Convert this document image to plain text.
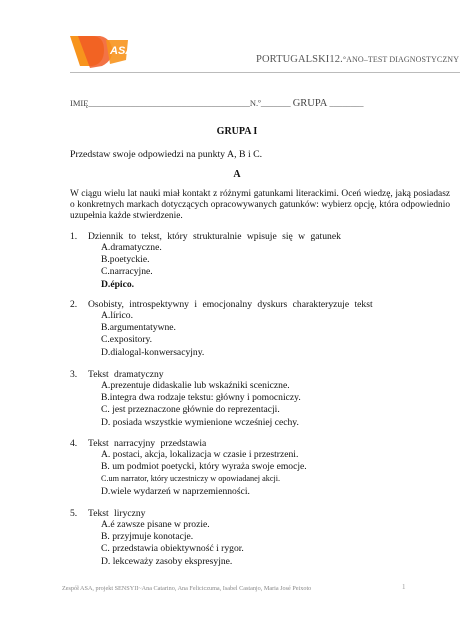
ASA
PORTUGALSKI12.°ANO–TEST DIAGNOSTYCZNY
IMIĘ______________________________________N.º_______ GRUPA ________
GRUPA I
Przedstaw swoje odpowiedzi na punkty A, B i C.
A
W ciągu wielu lat nauki miał kontakt z różnymi gatunkami literackimi. Oceń wiedzę, jaką posiadasz o konkretnych markach dotyczących opracowywanych gatunków: wybierz opcję, która odpowiednio uzupełnia każde stwierdzenie.
1.	Dziennik to tekst, który strukturalnie wpisuje się w gatunek
A.dramatyczne.
B.poetyckie.
C.narracyjne.
D.épico.
2.	Osobisty, introspektywny i emocjonalny dyskurs charakteryzuje tekst
A.lírico.
B.argumentatywne.
C.expository.
D.dialogal-konwersacyjny.
3.	Tekst dramatyczny
A.prezentuje didaskalie lub wskaźniki sceniczne.
B.integra dwa rodzaje tekstu: główny i pomocniczy.
C. jest przeznaczone głównie do reprezentacji.
D. posiada wszystkie wymienione wcześniej cechy.
4.	Tekst narracyjny przedstawia
A. postaci, akcja, lokalizacja w czasie i przestrzeni.
B. um podmiot poetycki, który wyraża swoje emocje.
C.um narrator, który uczestniczy w opowiadanej akcji.
D.wiele wydarzeń w naprzemienności.
5.	Tekst liryczny
A.é zawsze pisane w prozie.
B. przyjmuje konotacje.
C. przedstawia obiektywność i rygor.
D. lekceważy zasoby ekspresyjne.
Zespół ASA, projekt SENSYII~Ana Catarino, Ana Feliciczuma, Isabel Castanjo, Maria José Peixoto	1
